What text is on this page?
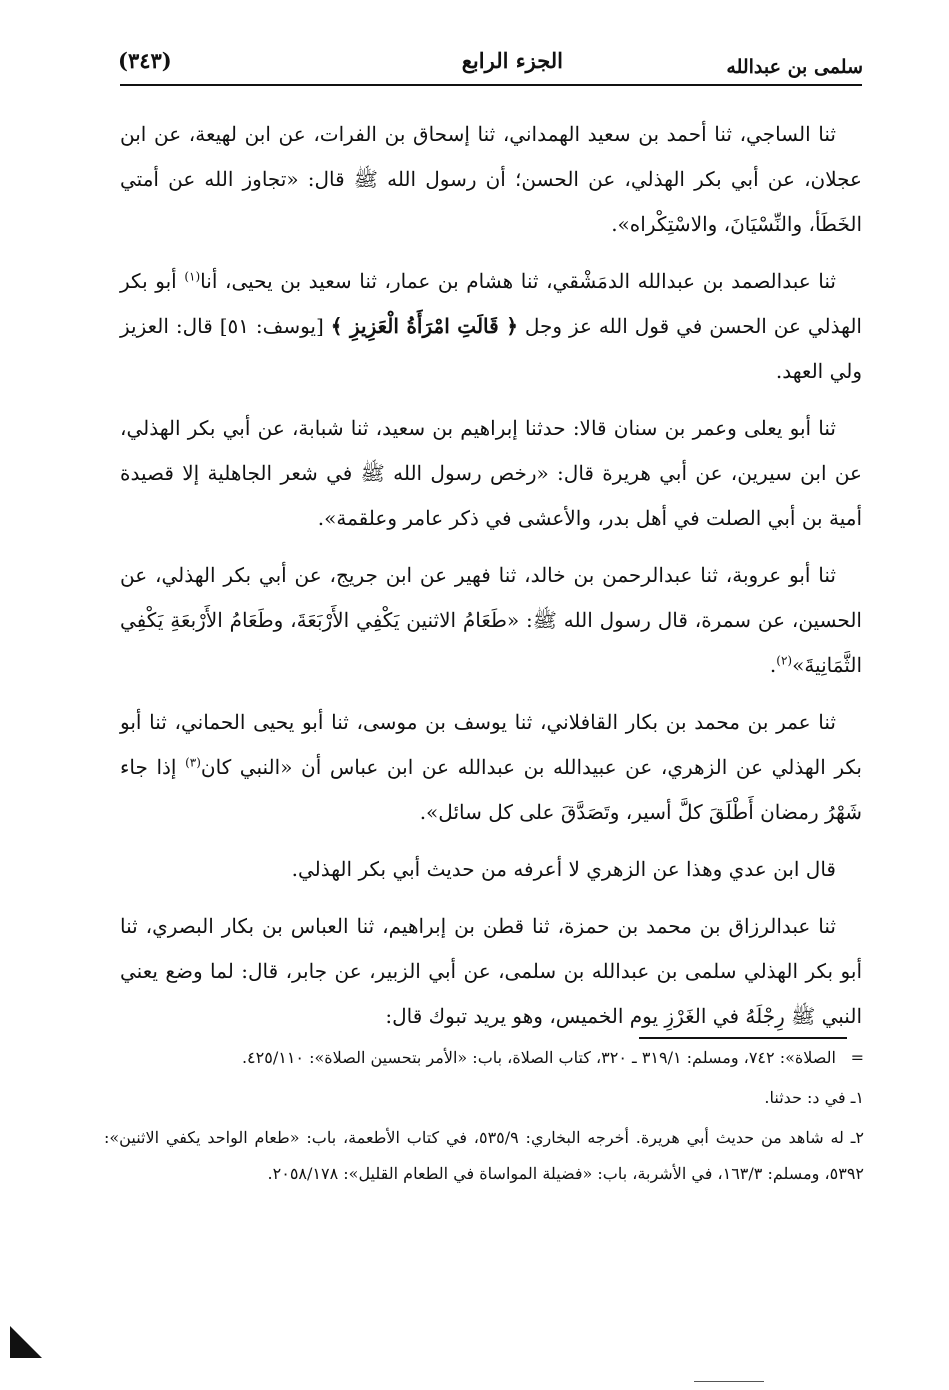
سلمى بن عبدالله
الجزء الرابع
(٣٤٣)

ثنا الساجي، ثنا أحمد بن سعيد الهمداني، ثنا إسحاق بن الفرات، عن ابن لهيعة، عن ابن عجلان، عن أبي بكر الهذلي، عن الحسن؛ أن رسول الله ﷺ قال: «تجاوز الله عن أمتي الخَطَأ، والنِّسْيَانَ، والاسْتِكْراه».

ثنا عبدالصمد بن عبدالله الدمَشْقي، ثنا هشام بن عمار، ثنا سعيد بن يحيى، أنا$^{(١)}$ أبو بكر الهذلي عن الحسن في قول الله عز وجل ﴿ قَالَتِ امْرَأَةُ الْعَزِيزِ ﴾ [يوسف: ٥١] قال: العزيز ولي العهد.

ثنا أبو يعلى وعمر بن سنان قالا: حدثنا إبراهيم بن سعيد، ثنا شبابة، عن أبي بكر الهذلي، عن ابن سيرين، عن أبي هريرة قال: «رخص رسول الله ﷺ في شعر الجاهلية إلا قصيدة أمية بن أبي الصلت في أهل بدر، والأعشى في ذكر عامر وعلقمة».

ثنا أبو عروبة، ثنا عبدالرحمن بن خالد، ثنا فهير عن ابن جريج، عن أبي بكر الهذلي، عن الحسين، عن سمرة، قال رسول الله ﷺ: «طَعَامُ الاثنين يَكْفِي الأَرْبَعَةَ، وطَعَامُ الأَرْبعَةِ يَكْفِي الثَّمَانِيةَ»$^{(٢)}$.

ثنا عمر بن محمد بن بكار القافلاني، ثنا يوسف بن موسى، ثنا أبو يحيى الحماني، ثنا أبو بكر الهذلي عن الزهري، عن عبيدالله بن عبدالله عن ابن عباس أن «النبي كان$^{(٣)}$ إذا جاء شَهْرُ رمضان أَطْلَقَ كلَّ أسير، وتَصَدَّقَ على كل سائل».

قال ابن عدي وهذا عن الزهري لا أعرفه من حديث أبي بكر الهذلي.

ثنا عبدالرزاق بن محمد بن حمزة، ثنا قطن بن إبراهيم، ثنا العباس بن بكار البصري، ثنا أبو بكر الهذلي سلمى بن عبدالله بن سلمى، عن أبي الزبير، عن جابر، قال: لما وضع يعني النبي ﷺ رِجْلَهُ في الغَرْزِ يوم الخميس، وهو يريد تبوك قال:

=
الصلاة»: ٧٤٢، ومسلم: ٣١٩/١ ـ ٣٢٠، كتاب الصلاة، باب: «الأمر بتحسين الصلاة»: ٤٢٥/١١٠.

١ـ في د: حدثنا.

٢ـ له شاهد من حديث أبي هريرة. أخرجه البخاري: ٥٣٥/٩، في كتاب الأطعمة، باب: «طعام الواحد يكفي الاثنين»: ٥٣٩٢، ومسلم: ١٦٣/٣، في الأشربة، باب: «فضيلة المواساة في الطعام القليل»: ٢٠٥٨/١٧٨.
